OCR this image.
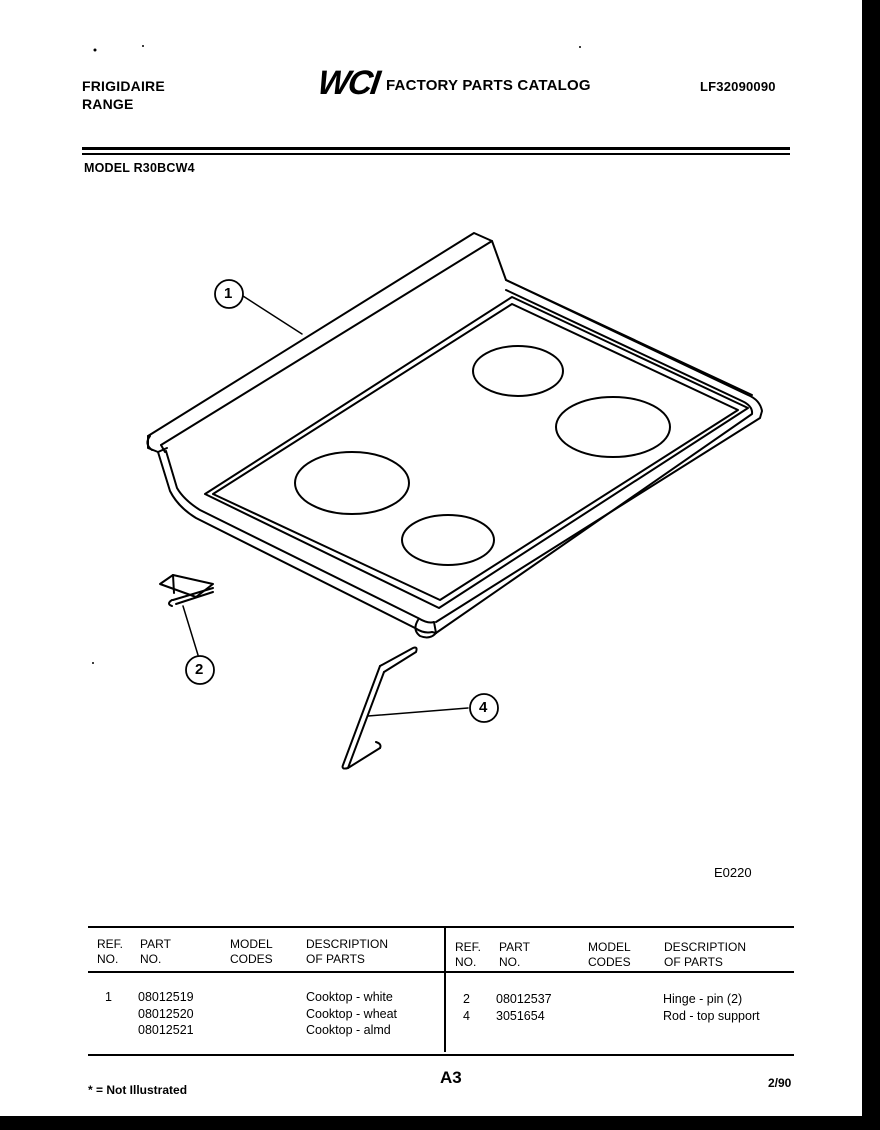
FRIGIDAIRE
RANGE
WCI FACTORY PARTS CATALOG	LF32090090
MODEL R30BCW4
1
2
4
E0220
REF.
NO.
PART
NO.
MODEL
CODES
DESCRIPTION
OF PARTS
REF.
NO.
PART
NO.
MODEL
CODES
DESCRIPTION
OF PARTS
1 08012519
08012520
08012521
Cooktop - white
Cooktop - wheat
Cooktop - almd
2
4
08012537
3051654
Hinge - pin (2)
Rod - top support
* = Not Illustrated
A3	2/90
